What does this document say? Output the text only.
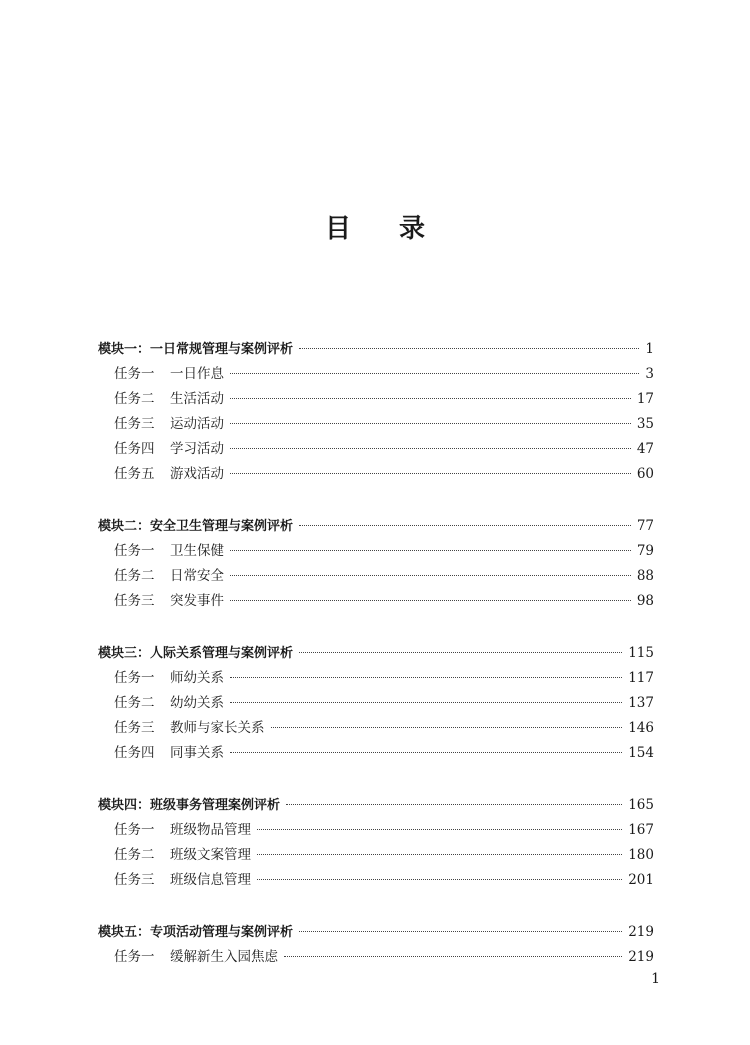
目 录
模块一：一日常规管理与案例评析	1
任务一	一日作息	3
任务二	生活活动	17
任务三	运动活动	35
任务四	学习活动	47
任务五	游戏活动	60
模块二：安全卫生管理与案例评析	77
任务一	卫生保健	79
任务二	日常安全	88
任务三	突发事件	98
模块三：人际关系管理与案例评析	115
任务一	师幼关系	117
任务二	幼幼关系	137
任务三	教师与家长关系	146
任务四	同事关系	154
模块四：班级事务管理案例评析	165
任务一	班级物品管理	167
任务二	班级文案管理	180
任务三	班级信息管理	201
模块五：专项活动管理与案例评析	219
任务一	缓解新生入园焦虑	219
1
